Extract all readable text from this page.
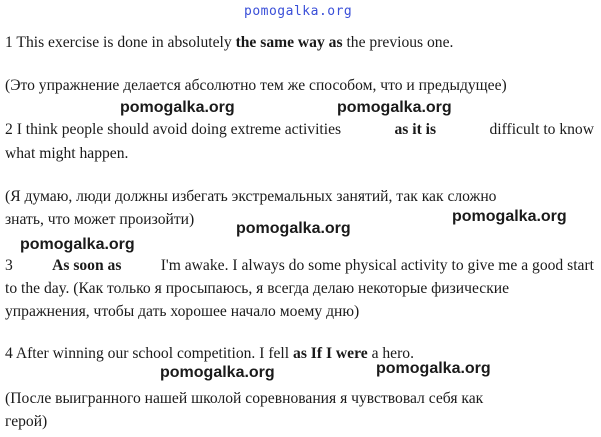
pomogalka.org
pomogalka.org	pomogalka.org
pomogalka.org
pomogalka.org
pomogalka.org
pomogalka.org	pomogalka.org
1 This exercise is done in absolutely the same way as the previous one.
(Это упражнение делается абсолютно тем же способом, что и предыдущее)
2 I think people should avoid doing extreme activities	as it is	difficult to know
what might happen.
(Я думаю, люди должны избегать экстремальных занятий, так как сложно
знать, что может произойти)
3	As soon as	I'm awake. I always do some physical activity to give me a good start
to the day. (Как только я просыпаюсь, я всегда делаю некоторые физические
упражнения, чтобы дать хорошее начало моему дню)
4 After winning our school competition. I fell as If I were a hero.
(После выигранного нашей школой соревнования я чувствовал себя как
герой)
